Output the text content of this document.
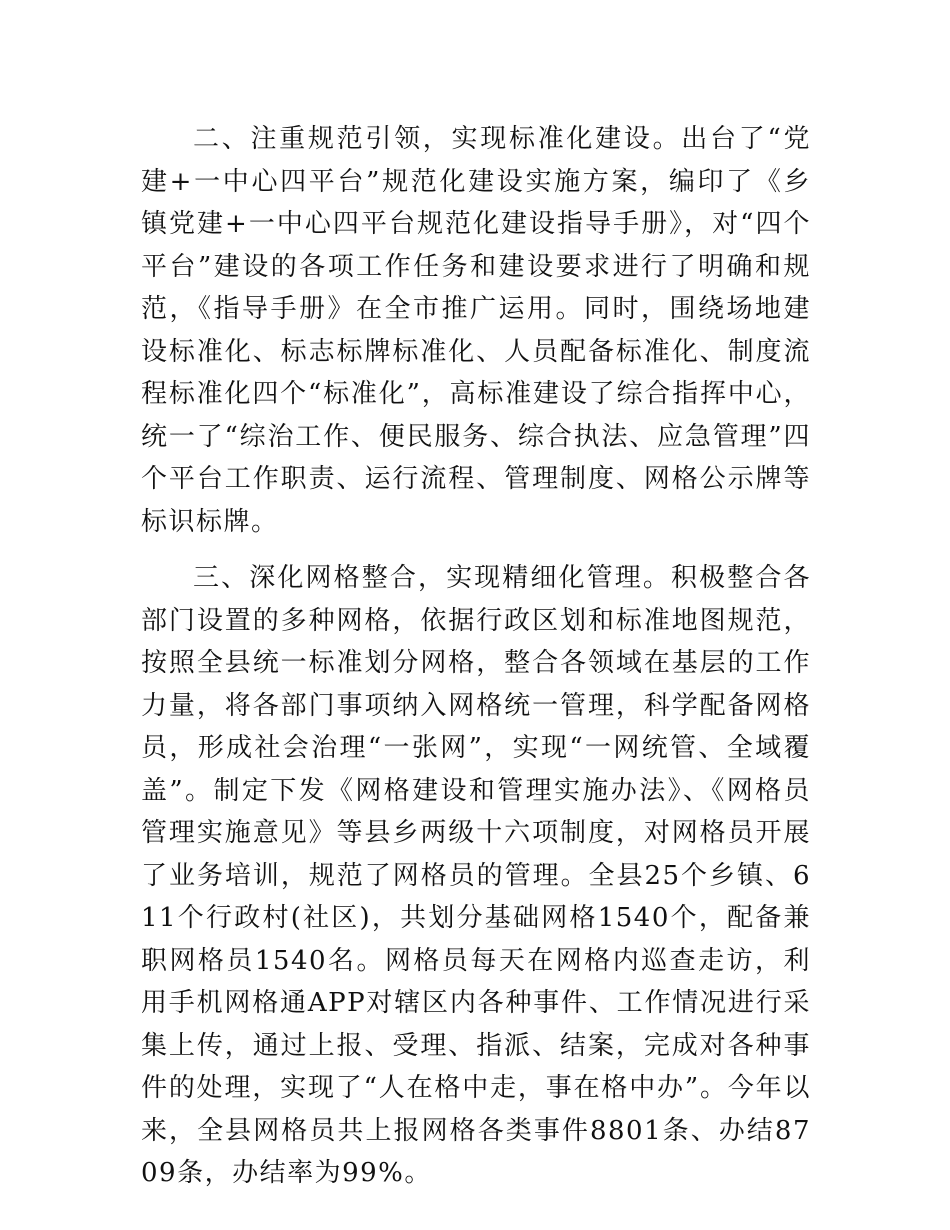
二、注重规范引领，实现标准化建设。出台了“党建+一中心四平台”规范化建设实施方案，编印了《乡镇党建+一中心四平台规范化建设指导手册》，对“四个平台”建设的各项工作任务和建设要求进行了明确和规范，《指导手册》在全市推广运用。同时，围绕场地建设标准化、标志标牌标准化、人员配备标准化、制度流程标准化四个“标准化”，高标准建设了综合指挥中心，统一了“综治工作、便民服务、综合执法、应急管理”四个平台工作职责、运行流程、管理制度、网格公示牌等标识标牌。

三、深化网格整合，实现精细化管理。积极整合各部门设置的多种网格，依据行政区划和标准地图规范，按照全县统一标准划分网格，整合各领域在基层的工作力量，将各部门事项纳入网格统一管理，科学配备网格员，形成社会治理“一张网”，实现“一网统管、全域覆盖”。制定下发《网格建设和管理实施办法》、《网格员管理实施意见》等县乡两级十六项制度，对网格员开展了业务培训，规范了网格员的管理。全县25个乡镇、611个行政村(社区)，共划分基础网格1540个，配备兼职网格员1540名。网格员每天在网格内巡查走访，利用手机网格通APP对辖区内各种事件、工作情况进行采集上传，通过上报、受理、指派、结案，完成对各种事件的处理，实现了“人在格中走，事在格中办”。今年以来，全县网格员共上报网格各类事件8801条、办结8709条，办结率为99%。
